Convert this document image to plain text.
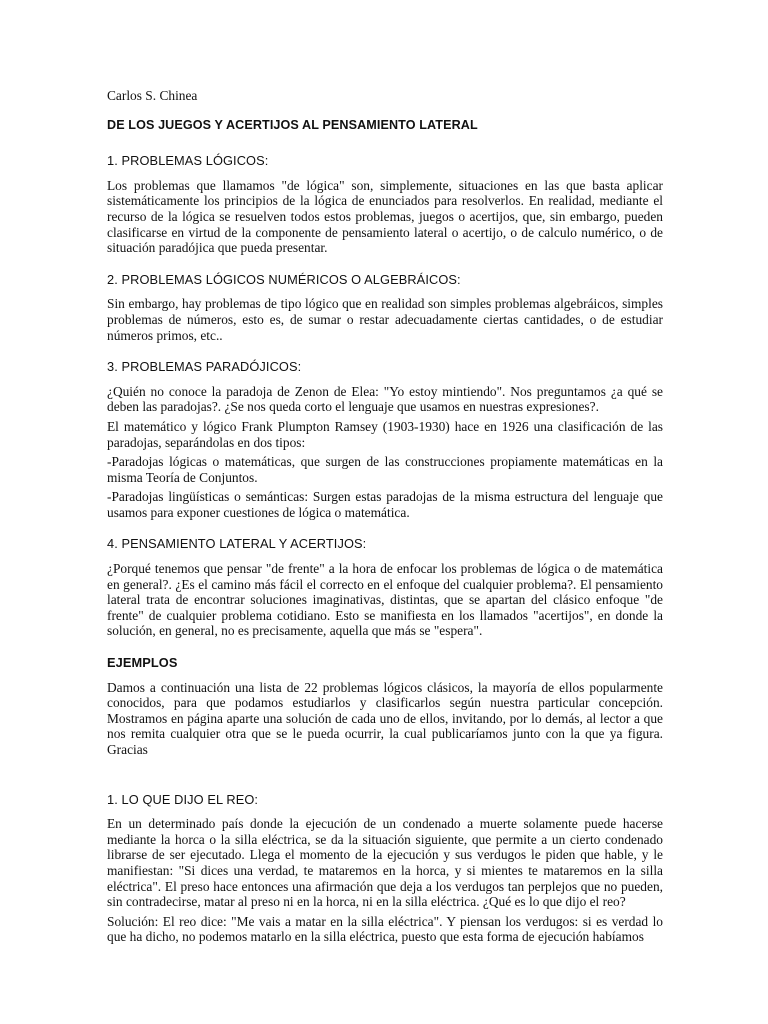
Carlos S. Chinea

DE LOS JUEGOS Y ACERTIJOS AL PENSAMIENTO LATERAL

1. PROBLEMAS LÓGICOS:

Los problemas que llamamos "de lógica" son, simplemente, situaciones en las que basta aplicar sistemáticamente los principios de la lógica de enunciados para resolverlos. En realidad, mediante el recurso de la lógica se resuelven todos estos problemas, juegos o acertijos, que, sin embargo, pueden clasificarse en virtud de la componente de pensamiento lateral o acertijo, o de calculo numérico, o de situación paradójica que pueda presentar.

2. PROBLEMAS LÓGICOS NUMÉRICOS O ALGEBRÁICOS:

Sin embargo, hay problemas de tipo lógico que en realidad son simples problemas algebráicos, simples problemas de números, esto es, de sumar o restar adecuadamente ciertas cantidades, o de estudiar números primos, etc..

3. PROBLEMAS PARADÓJICOS:

¿Quién no conoce la paradoja de Zenon de Elea: "Yo estoy mintiendo". Nos preguntamos ¿a qué se deben las paradojas?. ¿Se nos queda corto el lenguaje que usamos en nuestras expresiones?.

El matemático y lógico Frank Plumpton Ramsey (1903-1930) hace en 1926 una clasificación de las paradojas, separándolas en dos tipos:

-Paradojas lógicas o matemáticas, que surgen de las construcciones propiamente matemáticas en la misma Teoría de Conjuntos.

-Paradojas lingüísticas o semánticas: Surgen estas paradojas de la misma estructura del lenguaje que usamos para exponer cuestiones de lógica o matemática.

4. PENSAMIENTO LATERAL Y ACERTIJOS:

¿Porqué tenemos que pensar "de frente" a la hora de enfocar los problemas de lógica o de matemática en general?. ¿Es el camino más fácil el correcto en el enfoque del cualquier problema?. El pensamiento lateral trata de encontrar soluciones imaginativas, distintas, que se apartan del clásico enfoque "de frente" de cualquier problema cotidiano. Esto se manifiesta en los llamados "acertijos", en donde la solución, en general, no es precisamente, aquella que más se "espera".

EJEMPLOS

Damos a continuación una lista de 22 problemas lógicos clásicos, la mayoría de ellos popularmente conocidos, para que podamos estudiarlos y clasificarlos según nuestra particular concepción. Mostramos en página aparte una solución de cada uno de ellos, invitando, por lo demás, al lector a que nos remita cualquier otra que se le pueda ocurrir, la cual publicaríamos junto con la que ya figura. Gracias

1. LO QUE DIJO EL REO:

En un determinado país donde la ejecución de un condenado a muerte solamente puede hacerse mediante la horca o la silla eléctrica, se da la situación siguiente, que permite a un cierto condenado librarse de ser ejecutado. Llega el momento de la ejecución y sus verdugos le piden que hable, y le manifiestan: "Si dices una verdad, te mataremos en la horca, y si mientes te mataremos en la silla eléctrica". El preso hace entonces una afirmación que deja a los verdugos tan perplejos que no pueden, sin contradecirse, matar al preso ni en la horca, ni en la silla eléctrica. ¿Qué es lo que dijo el reo?

Solución: El reo dice: "Me vais a matar en la silla eléctrica". Y piensan los verdugos: si es verdad lo que ha dicho, no podemos matarlo en la silla eléctrica, puesto que esta forma de ejecución habíamos
